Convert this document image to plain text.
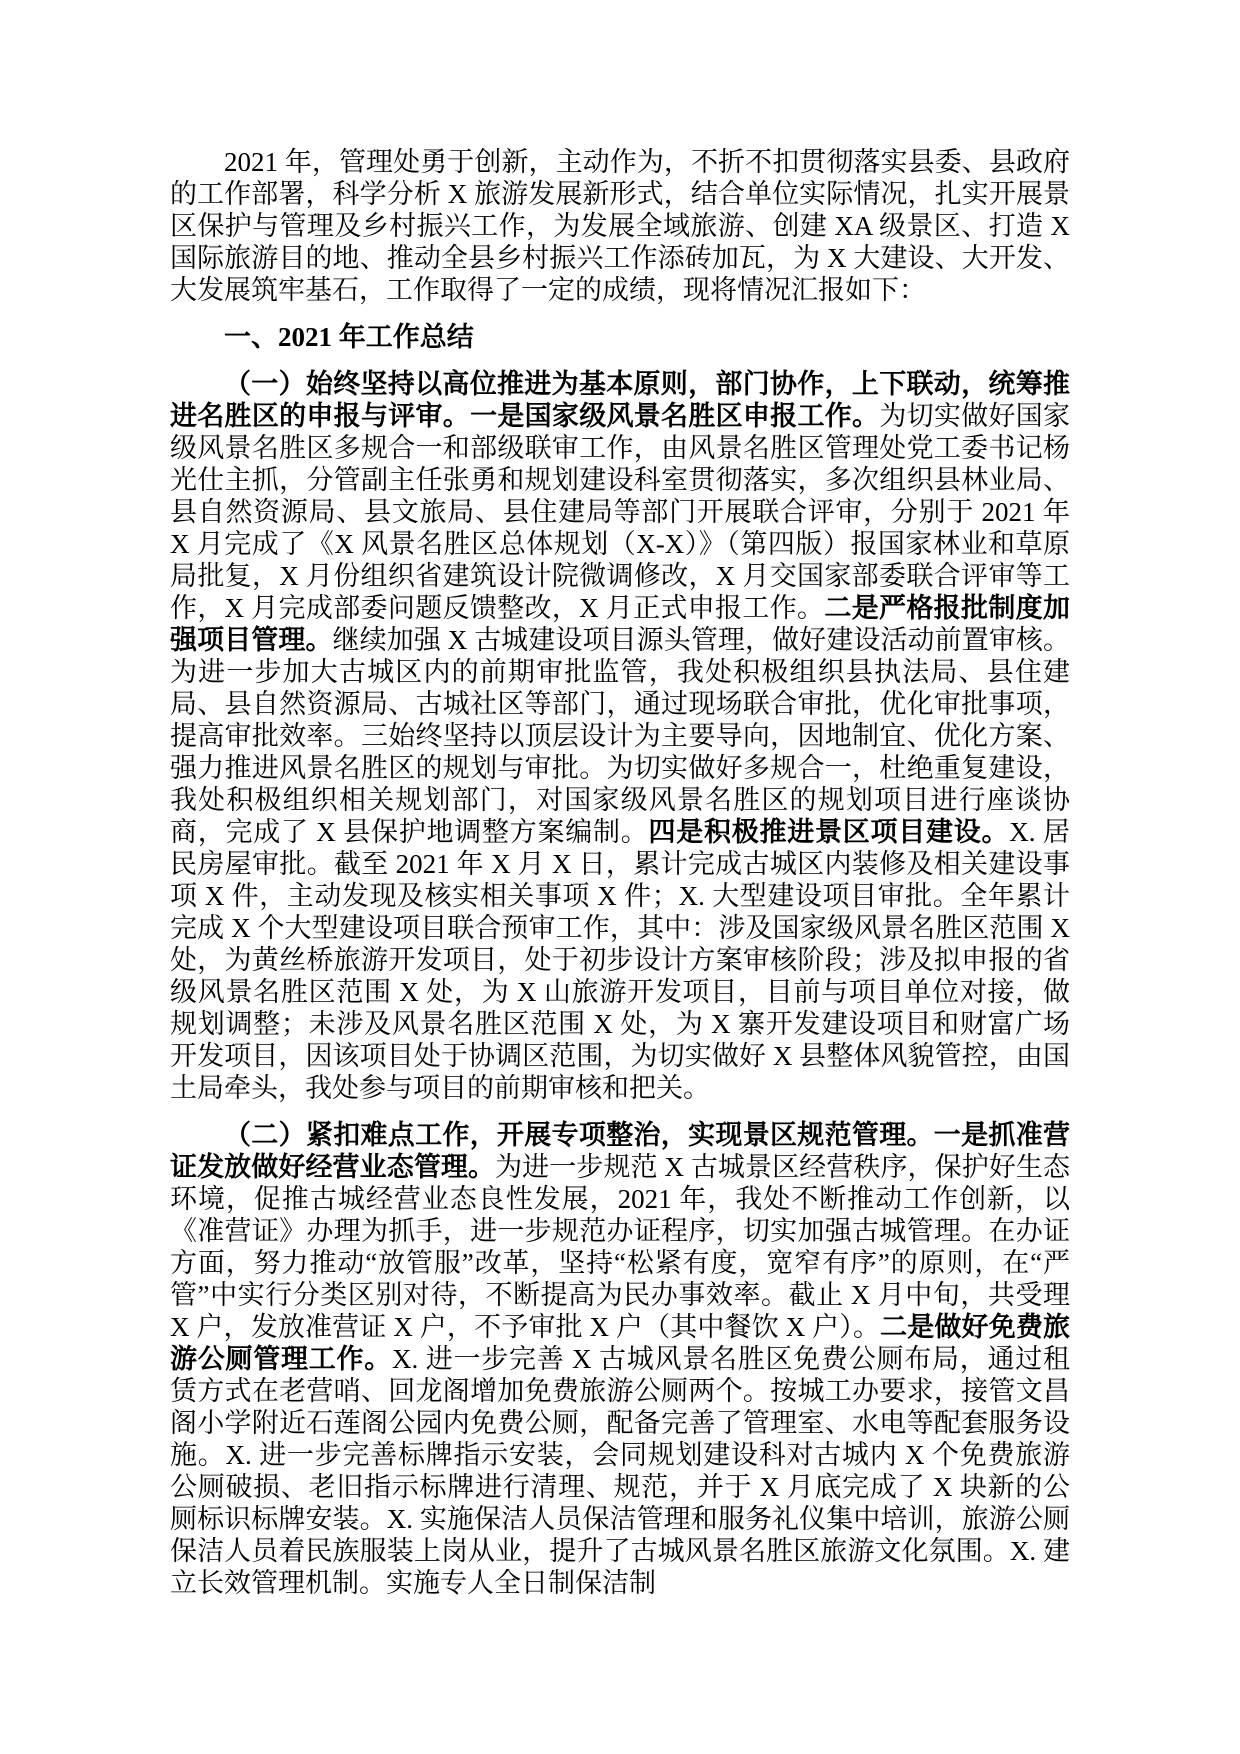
2021 年，管理处勇于创新，主动作为，不折不扣贯彻落实县委、县政府的工作部署，科学分析 X 旅游发展新形式，结合单位实际情况，扎实开展景区保护与管理及乡村振兴工作，为发展全域旅游、创建 XA 级景区、打造 X 国际旅游目的地、推动全县乡村振兴工作添砖加瓦，为 X 大建设、大开发、大发展筑牢基石，工作取得了一定的成绩，现将情况汇报如下：

一、2021 年工作总结

（一）始终坚持以高位推进为基本原则，部门协作，上下联动，统筹推进名胜区的申报与评审。一是国家级风景名胜区申报工作。为切实做好国家级风景名胜区多规合一和部级联审工作，由风景名胜区管理处党工委书记杨光仕主抓，分管副主任张勇和规划建设科室贯彻落实，多次组织县林业局、县自然资源局、县文旅局、县住建局等部门开展联合评审，分别于 2021 年 X 月完成了《X 风景名胜区总体规划（X-X）》（第四版）报国家林业和草原局批复，X 月份组织省建筑设计院微调修改，X 月交国家部委联合评审等工作，X 月完成部委问题反馈整改，X 月正式申报工作。二是严格报批制度加强项目管理。继续加强 X 古城建设项目源头管理，做好建设活动前置审核。为进一步加大古城区内的前期审批监管，我处积极组织县执法局、县住建局、县自然资源局、古城社区等部门，通过现场联合审批，优化审批事项，提高审批效率。三始终坚持以顶层设计为主要导向，因地制宜、优化方案、强力推进风景名胜区的规划与审批。为切实做好多规合一，杜绝重复建设，我处积极组织相关规划部门，对国家级风景名胜区的规划项目进行座谈协商，完成了 X 县保护地调整方案编制。四是积极推进景区项目建设。X. 居民房屋审批。截至 2021 年 X 月 X 日，累计完成古城区内装修及相关建设事项 X 件，主动发现及核实相关事项 X 件；X. 大型建设项目审批。全年累计完成 X 个大型建设项目联合预审工作，其中：涉及国家级风景名胜区范围 X 处，为黄丝桥旅游开发项目，处于初步设计方案审核阶段；涉及拟申报的省级风景名胜区范围 X 处，为 X 山旅游开发项目，目前与项目单位对接，做规划调整；未涉及风景名胜区范围 X 处，为 X 寨开发建设项目和财富广场开发项目，因该项目处于协调区范围，为切实做好 X 县整体风貌管控，由国土局牵头，我处参与项目的前期审核和把关。

（二）紧扣难点工作，开展专项整治，实现景区规范管理。一是抓准营证发放做好经营业态管理。为进一步规范 X 古城景区经营秩序，保护好生态环境，促推古城经营业态良性发展，2021 年，我处不断推动工作创新，以《准营证》办理为抓手，进一步规范办证程序，切实加强古城管理。在办证方面，努力推动“放管服”改革，坚持“松紧有度，宽窄有序”的原则，在“严管”中实行分类区别对待，不断提高为民办事效率。截止 X 月中旬，共受理 X 户，发放准营证 X 户，不予审批 X 户（其中餐饮 X 户）。二是做好免费旅游公厕管理工作。X. 进一步完善 X 古城风景名胜区免费公厕布局，通过租赁方式在老营哨、回龙阁增加免费旅游公厕两个。按城工办要求，接管文昌阁小学附近石莲阁公园内免费公厕，配备完善了管理室、水电等配套服务设施。X. 进一步完善标牌指示安装，会同规划建设科对古城内 X 个免费旅游公厕破损、老旧指示标牌进行清理、规范，并于 X 月底完成了 X 块新的公厕标识标牌安装。X. 实施保洁人员保洁管理和服务礼仪集中培训，旅游公厕保洁人员着民族服装上岗从业，提升了古城风景名胜区旅游文化氛围。X. 建立长效管理机制。实施专人全日制保洁制
